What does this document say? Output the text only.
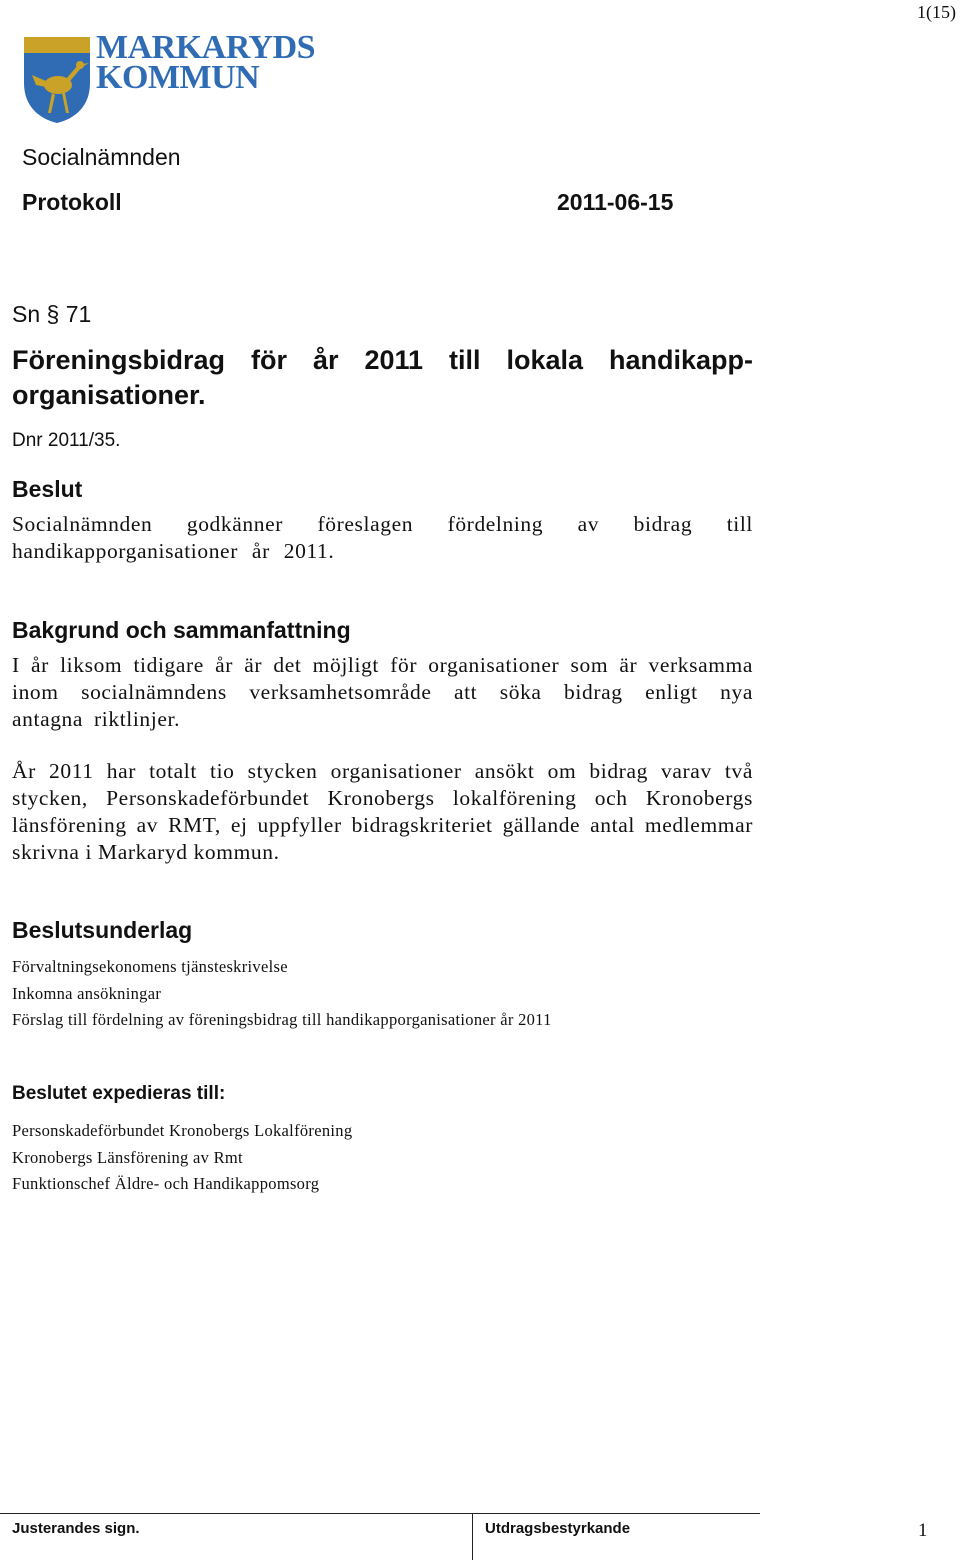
1(15)
MARKARYDS
KOMMUN
Socialnämnden
Protokoll	2011-06-15
Sn § 71
Föreningsbidrag för år 2011 till lokala handikapp-organisationer.
Dnr 2011/35.
Beslut
Socialnämnden godkänner föreslagen fördelning av bidrag till handikapporganisationer år 2011.
Bakgrund och sammanfattning
I år liksom tidigare år är det möjligt för organisationer som är verksamma inom socialnämndens verksamhetsområde att söka bidrag enligt nya antagna riktlinjer.
År 2011 har totalt tio stycken organisationer ansökt om bidrag varav två stycken, Personskadeförbundet Kronobergs lokalförening och Kronobergs länsförening av RMT, ej uppfyller bidragskriteriet gällande antal medlemmar skrivna i Markaryd kommun.
Beslutsunderlag
Förvaltningsekonomens tjänsteskrivelse
Inkomna ansökningar
Förslag till fördelning av föreningsbidrag till handikapporganisationer år 2011
Beslutet expedieras till:
Personskadeförbundet Kronobergs Lokalförening
Kronobergs Länsförening av Rmt
Funktionschef Äldre- och Handikappomsorg
Justerandes sign.	Utdragsbestyrkande	1
